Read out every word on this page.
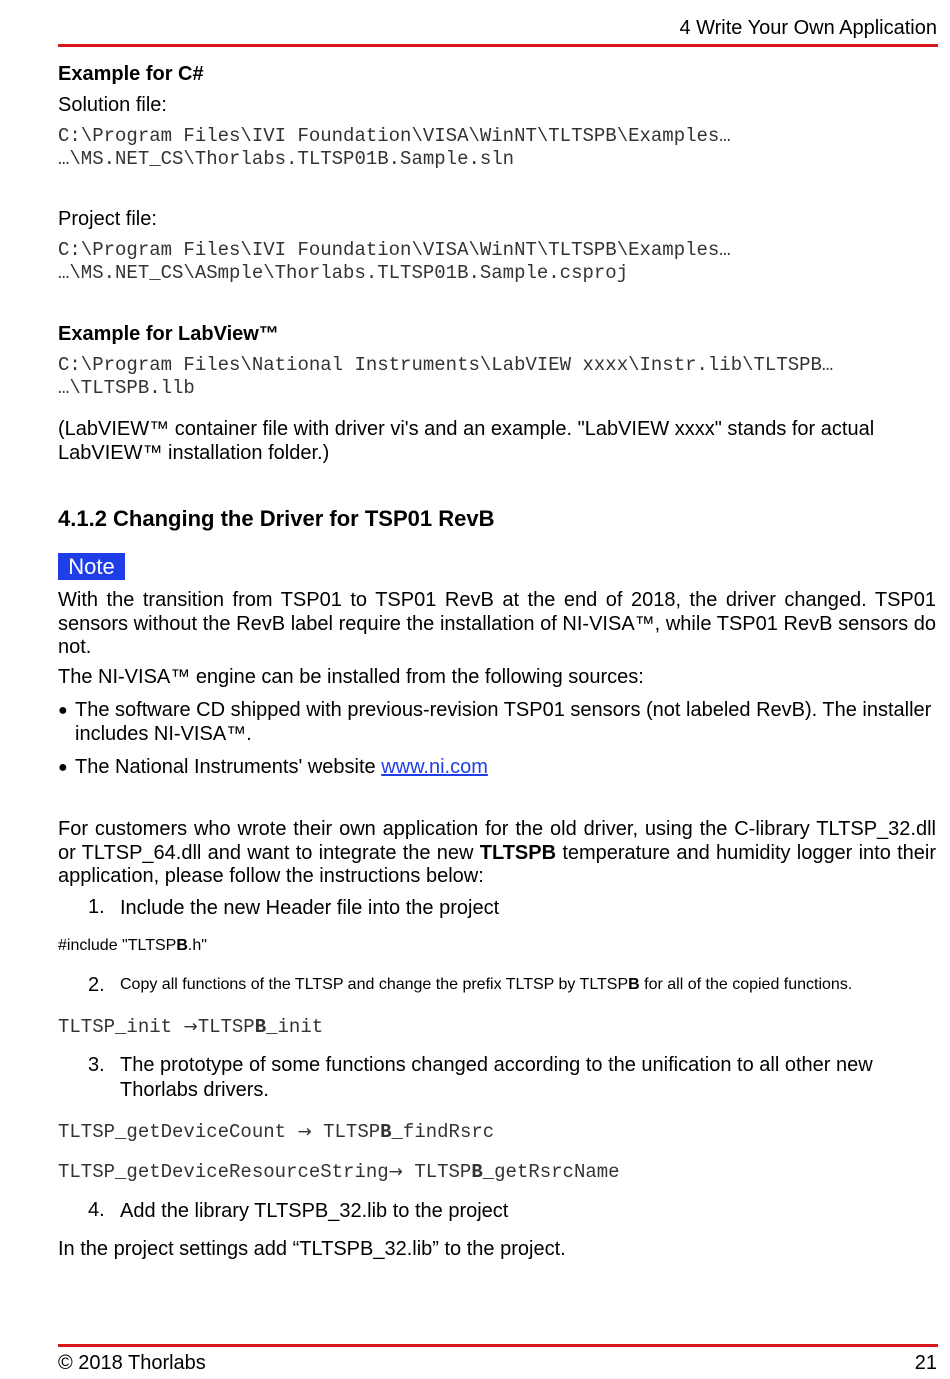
4 Write Your Own Application
Example for C#
Solution file:
C:\Program Files\IVI Foundation\VISA\WinNT\TLTSPB\Examples…
…\MS.NET_CS\Thorlabs.TLTSP01B.Sample.sln
Project file:
C:\Program Files\IVI Foundation\VISA\WinNT\TLTSPB\Examples…
…\MS.NET_CS\ASmple\Thorlabs.TLTSP01B.Sample.csproj
Example for LabView™
C:\Program Files\National Instruments\LabVIEW xxxx\Instr.lib\TLTSPB…
…\TLTSPB.llb
(LabVIEW™ container file with driver vi's and an example. "LabVIEW xxxx" stands for actual LabVIEW™ installation folder.)
4.1.2 Changing the Driver for TSP01 RevB
Note
With the transition from TSP01 to TSP01 RevB at the end of 2018, the driver changed. TSP01 sensors without the RevB label require the installation of NI-VISA™, while TSP01 RevB sensors do not.
The NI-VISA™ engine can be installed from the following sources:
● The software CD shipped with previous-revision TSP01 sensors (not labeled RevB). The installer includes NI-VISA™.
● The National Instruments' website www.ni.com
For customers who wrote their own application for the old driver, using the C-library TLTSP_32.dll or TLTSP_64.dll and want to integrate the new TLTSPB temperature and humidity logger into their application, please follow the instructions below:
1. Include the new Header file into the project
#include "TLTSPB.h"
2. Copy all functions of the TLTSP and change the prefix TLTSP by TLTSPB for all of the copied functions.
TLTSP_init →TLTSPB_init
3. The prototype of some functions changed according to the unification to all other new Thorlabs drivers.
TLTSP_getDeviceCount → TLTSPB_findRsrc
TLTSP_getDeviceResourceString→ TLTSPB_getRsrcName
4. Add the library TLTSPB_32.lib to the project
In the project settings add “TLTSPB_32.lib” to the project.
© 2018 Thorlabs	21
